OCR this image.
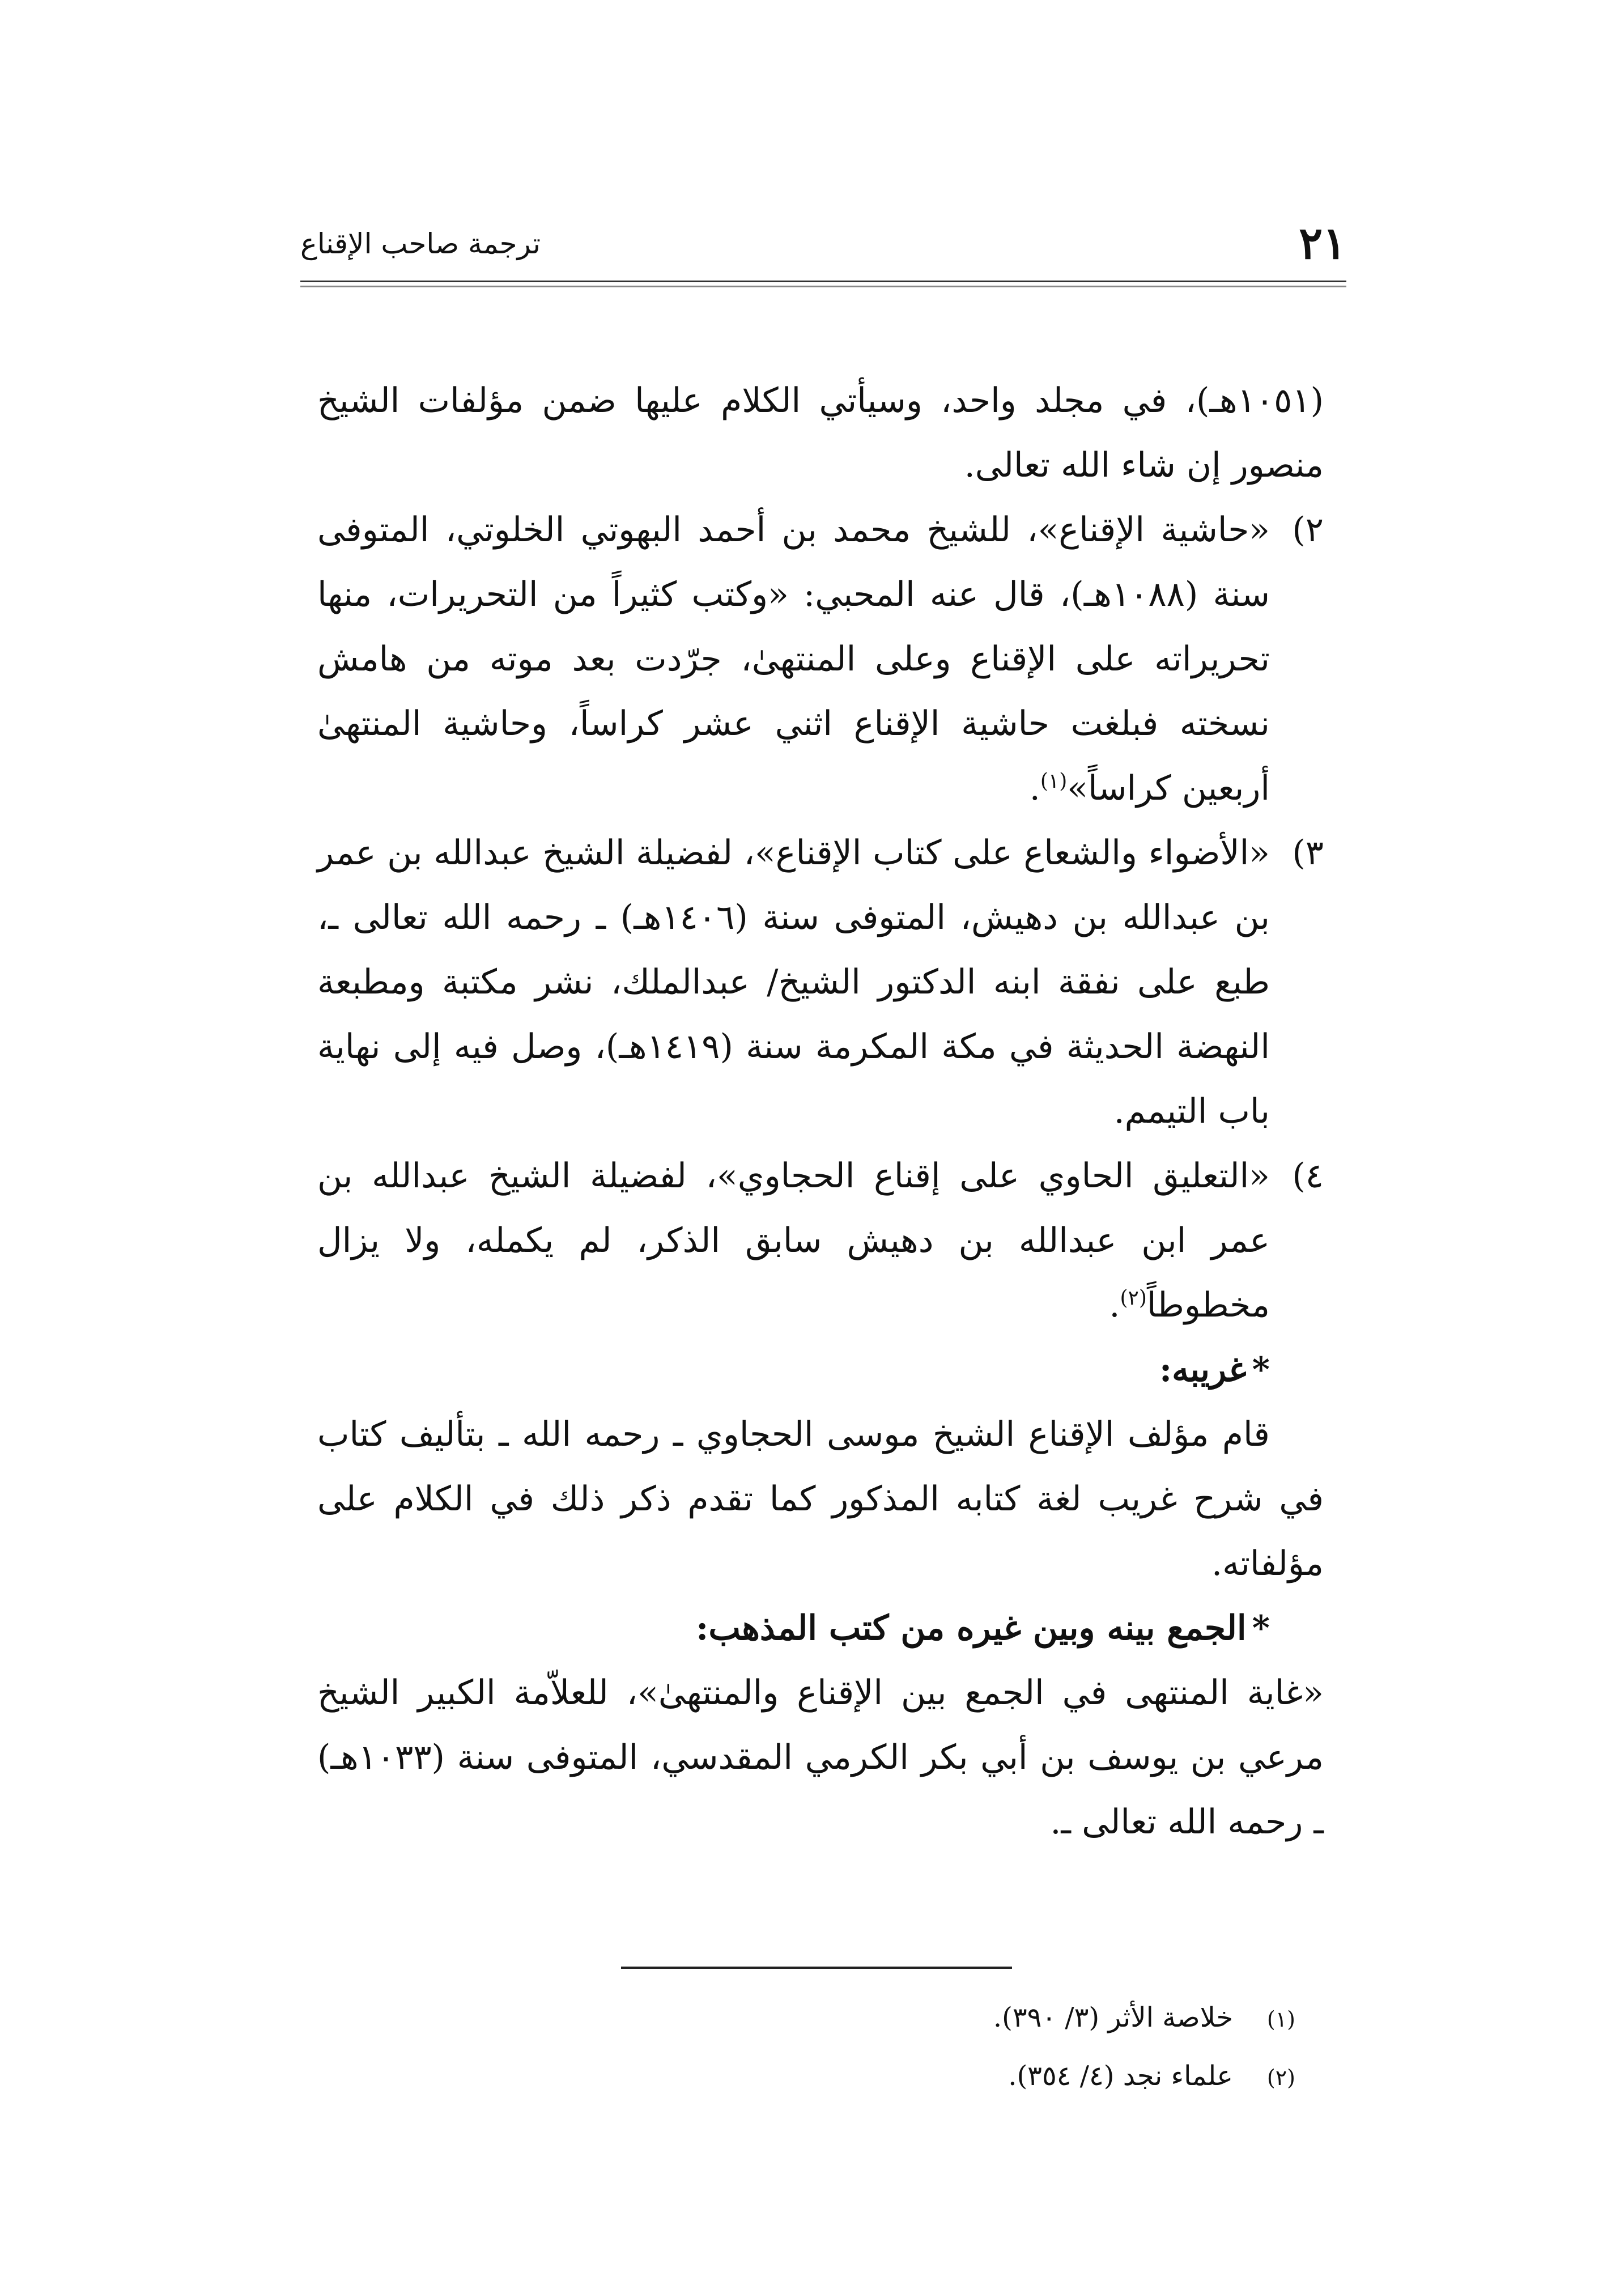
٢١
ترجمة صاحب الإقناع

(١٠٥١هـ)، في مجلد واحد، وسيأتي الكلام عليها ضمن مؤلفات الشيخ منصور إن شاء الله تعالى.

٢)
«حاشية الإقناع»، للشيخ محمد بن أحمد البهوتي الخلوتي، المتوفى سنة (١٠٨٨هـ)، قال عنه المحبي: «وكتب كثيراً من التحريرات، منها تحريراته على الإقناع وعلى المنتهىٰ، جرّدت بعد موته من هامش نسخته فبلغت حاشية الإقناع اثني عشر كراساً، وحاشية المنتهىٰ أربعين كراساً»$^{(١)}$.

٣)
«الأضواء والشعاع على كتاب الإقناع»، لفضيلة الشيخ عبدالله بن عمر بن عبدالله بن دهيش، المتوفى سنة (١٤٠٦هـ) ـ رحمه الله تعالى ـ، طبع على نفقة ابنه الدكتور الشيخ/ عبدالملك، نشر مكتبة ومطبعة النهضة الحديثة في مكة المكرمة سنة (١٤١٩هـ)، وصل فيه إلى نهاية باب التيمم.

٤)
«التعليق الحاوي على إقناع الحجاوي»، لفضيلة الشيخ عبدالله بن عمر ابن عبدالله بن دهيش سابق الذكر، لم يكمله، ولا يزال مخطوطاً$^{(٢)}$.

*غريبه:

قام مؤلف الإقناع الشيخ موسى الحجاوي ـ رحمه الله ـ بتأليف كتاب في شرح غريب لغة كتابه المذكور كما تقدم ذكر ذلك في الكلام على مؤلفاته.

*الجمع بينه وبين غيره من كتب المذهب:

«غاية المنتهى في الجمع بين الإقناع والمنتهىٰ»، للعلاّمة الكبير الشيخ مرعي بن يوسف بن أبي بكر الكرمي المقدسي، المتوفى سنة (١٠٣٣هـ) ـ رحمه الله تعالى ـ.

(١)خلاصة الأثر (٣/ ٣٩٠).

(٢)علماء نجد (٤/ ٣٥٤).
